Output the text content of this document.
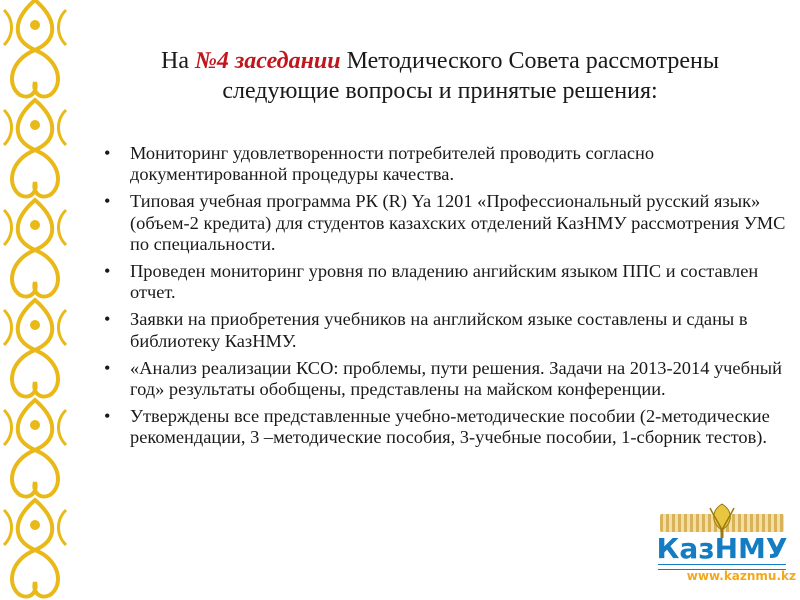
На №4 заседании Методического Совета рассмотрены
следующие вопросы и принятые решения:
• Мониторинг удовлетворенности потребителей проводить согласно документированной процедуры качества.
• Типовая учебная программа РК (R) Ya 1201 «Профессиональный русский язык» (объем-2 кредита) для студентов казахских отделений КазНМУ рассмотрения УМС по специальности.
• Проведен мониторинг уровня по владению ангийским языком ППС и составлен отчет.
• Заявки на приобретения учебников на английском языке составлены и сданы в библиотеку КазНМУ.
• «Анализ реализации КСО: проблемы, пути решения. Задачи на 2013-2014 учебный год» результаты обобщены, представлены на майском конференции.
• Утверждены все представленные учебно-методические пособии (2-методические рекомендации, 3 –методические пособия, 3-учебные пособии, 1-сборник тестов).
КазНМУ
www.kaznmu.kz
